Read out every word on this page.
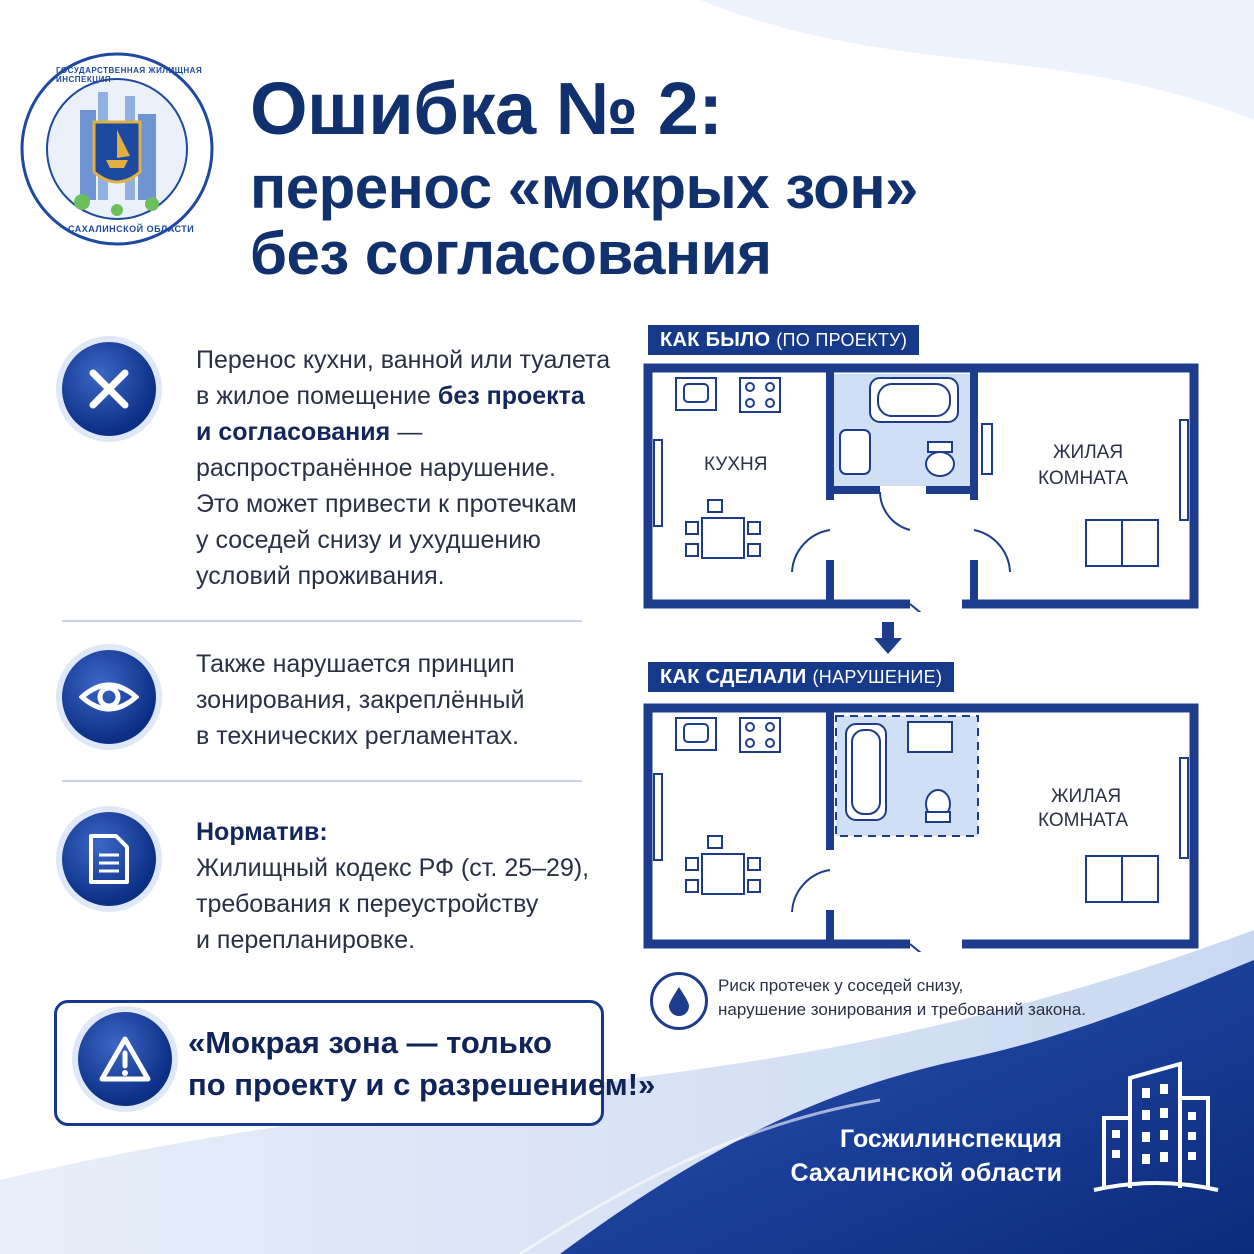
ГОСУДАРСТВЕННАЯ ЖИЛИЩНАЯ ИНСПЕКЦИЯ
САХАЛИНСКОЙ ОБЛАСТИ
Ошибка № 2:
перенос «мокрых зон»
без согласования
Перенос кухни, ванной или туалета
в жилое помещение без проекта
и согласования —
распространённое нарушение.
Это может привести к протечкам
у соседей снизу и ухудшению
условий проживания.
Также нарушается принцип
зонирования, закреплённый
в технических регламентах.
Норматив:
Жилищный кодекс РФ (ст. 25–29),
требования к переустройству
и перепланировке.
«Мокрая зона — только
по проекту и с разрешением!»
КАК БЫЛО (ПО ПРОЕКТУ)
КАК СДЕЛАЛИ (НАРУШЕНИЕ)
КУХНЯ
ЖИЛАЯ
КОМНАТА
ЖИЛАЯ
КОМНАТА
Риск протечек у соседей снизу,
нарушение зонирования и требований закона.
Госжилинспекция
Сахалинской области
